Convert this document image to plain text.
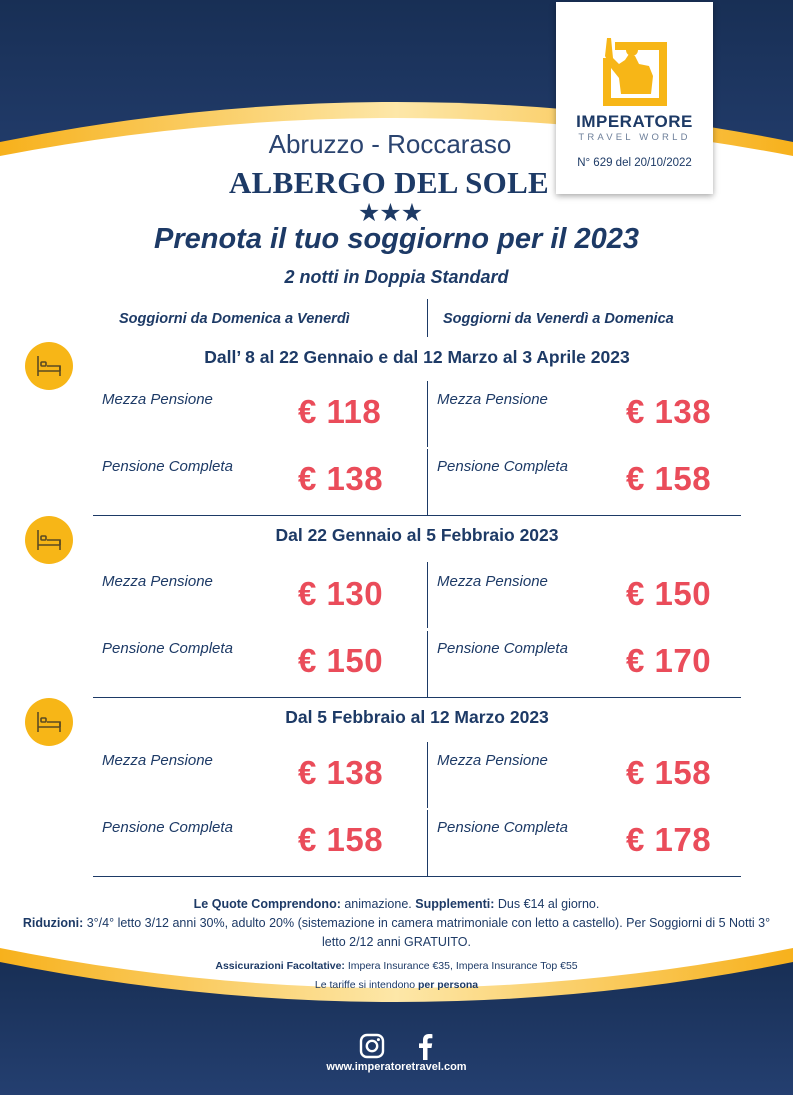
IMPERATORE
TRAVEL WORLD
N° 629 del 20/10/2022
Abruzzo - Roccaraso
ALBERGO DEL SOLE
★★★
Prenota il tuo soggiorno per il 2023
2 notti in Doppia Standard
Soggiorni da Domenica a Venerdì	Soggiorni da Venerdì a Domenica
Dall’ 8 al 22 Gennaio e dal 12 Marzo al 3 Aprile 2023
Mezza Pensione	€ 118	Mezza Pensione € 138
Pensione Completa € 138	Pensione Completa € 158
Dal 22 Gennaio al 5 Febbraio 2023
Mezza Pensione	€ 130	Mezza Pensione € 150
Pensione Completa € 150	Pensione Completa € 170
Dal 5 Febbraio al 12 Marzo 2023
Mezza Pensione	€ 138	Mezza Pensione € 158
Pensione Completa € 158	Pensione Completa € 178
Le Quote Comprendono: animazione. Supplementi: Dus €14 al giorno.
Riduzioni: 3°/4° letto 3/12 anni 30%, adulto 20% (sistemazione in camera matrimoniale con letto a castello). Per Soggiorni di 5 Notti 3° letto 2/12 anni GRATUITO.
Assicurazioni Facoltative: Impera Insurance €35, Impera Insurance Top €55
Le tariffe si intendono per persona
www.imperatoretravel.com
